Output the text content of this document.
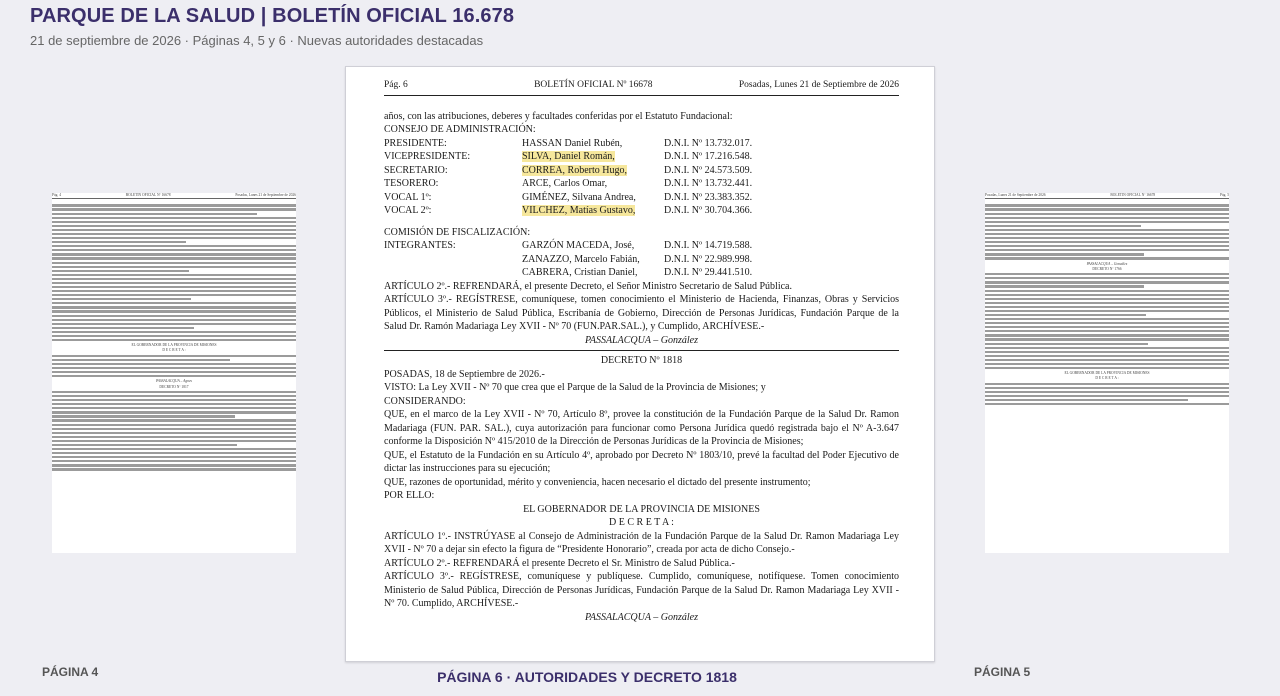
PARQUE DE LA SALUD | BOLETÍN OFICIAL 16.678
21 de septiembre de 2026 · Páginas 4, 5 y 6 · Nuevas autoridades destacadas
Pág. 4	BOLETÍN OFICIAL Nº 16678	Posadas, Lunes 21 de Septiembre de 2026
EL GOBERNADOR DE LA PROVINCIA DE MISIONES
D E C R E T A :
PASSALACQUA – Agnes
DECRETO Nº 1817
Posadas, Lunes 21 de Septiembre de 2026	BOLETÍN OFICIAL Nº 16678	Pág. 5
PASSALACQUA – González
DECRETO Nº 1766
EL GOBERNADOR DE LA PROVINCIA DE MISIONES
D E C R E T A :
Pág. 6	BOLETÍN OFICIAL Nº 16678	Posadas, Lunes 21 de Septiembre de 2026
años, con las atribuciones, deberes y facultades conferidas por el Estatuto Fundacional:
CONSEJO DE ADMINISTRACIÓN:
PRESIDENTE:	HASSAN Daniel Rubén,	D.N.I. Nº 13.732.017.
VICEPRESIDENTE:	SILVA, Daniel Román,	D.N.I. Nº 17.216.548.
SECRETARIO:	CORREA, Roberto Hugo,	D.N.I. Nº 24.573.509.
TESORERO:	ARCE, Carlos Omar,	D.N.I. Nº 13.732.441.
VOCAL 1º:	GIMÉNEZ, Silvana Andrea,	D.N.I. Nº 23.383.352.
VOCAL 2º:	VILCHEZ, Matías Gustavo,	D.N.I. Nº 30.704.366.
COMISIÓN DE FISCALIZACIÓN:
INTEGRANTES:	GARZÓN MACEDA, José,	D.N.I. Nº 14.719.588.
ZANAZZO, Marcelo Fabián,	D.N.I. Nº 22.989.998.
CABRERA, Cristian Daniel,	D.N.I. Nº 29.441.510.
ARTÍCULO 2º.- REFRENDARÁ, el presente Decreto, el Señor Ministro Secretario de Salud Pública.
ARTÍCULO 3º.- REGÍSTRESE, comuníquese, tomen conocimiento el Ministerio de Hacienda, Finanzas, Obras y Servicios Públicos, el Ministerio de Salud Pública, Escribanía de Gobierno, Dirección de Personas Jurídicas, Fundación Parque de la Salud Dr. Ramón Madariaga Ley XVII - Nº 70 (FUN.PAR.SAL.), y Cumplido, ARCHÍVESE.-
PASSALACQUA – González
DECRETO Nº 1818
POSADAS, 18 de Septiembre de 2026.-
VISTO: La Ley XVII - Nº 70 que crea que el Parque de la Salud de la Provincia de Misiones; y
CONSIDERANDO:
QUE, en el marco de la Ley XVII - Nº 70, Artículo 8º, provee la constitución de la Fundación Parque de la Salud Dr. Ramon Madariaga (FUN. PAR. SAL.), cuya autorización para funcionar como Persona Jurídica quedó registrada bajo el Nº A-3.647 conforme la Disposición Nº 415/2010 de la Dirección de Personas Jurídicas de la Provincia de Misiones;
QUE, el Estatuto de la Fundación en su Artículo 4º, aprobado por Decreto Nº 1803/10, prevé la facultad del Poder Ejecutivo de dictar las instrucciones para su ejecución;
QUE, razones de oportunidad, mérito y conveniencia, hacen necesario el dictado del presente instrumento;
POR ELLO:
EL GOBERNADOR DE LA PROVINCIA DE MISIONES
D E C R E T A :
ARTÍCULO 1º.- INSTRÚYASE al Consejo de Administración de la Fundación Parque de la Salud Dr. Ramon Madariaga Ley XVII - Nº 70 a dejar sin efecto la figura de “Presidente Honorario”, creada por acta de dicho Consejo.-
ARTÍCULO 2º.- REFRENDARÁ el presente Decreto el Sr. Ministro de Salud Pública.-
ARTÍCULO 3º.- REGÍSTRESE, comuníquese y publíquese. Cumplido, comuníquese, notifíquese. Tomen conocimiento Ministerio de Salud Pública, Dirección de Personas Jurídicas, Fundación Parque de la Salud Dr. Ramon Madariaga Ley XVII - Nº 70. Cumplido, ARCHÍVESE.-
PASSALACQUA – González
PÁGINA 4	PÁGINA 6 · AUTORIDADES Y DECRETO 1818	PÁGINA 5
